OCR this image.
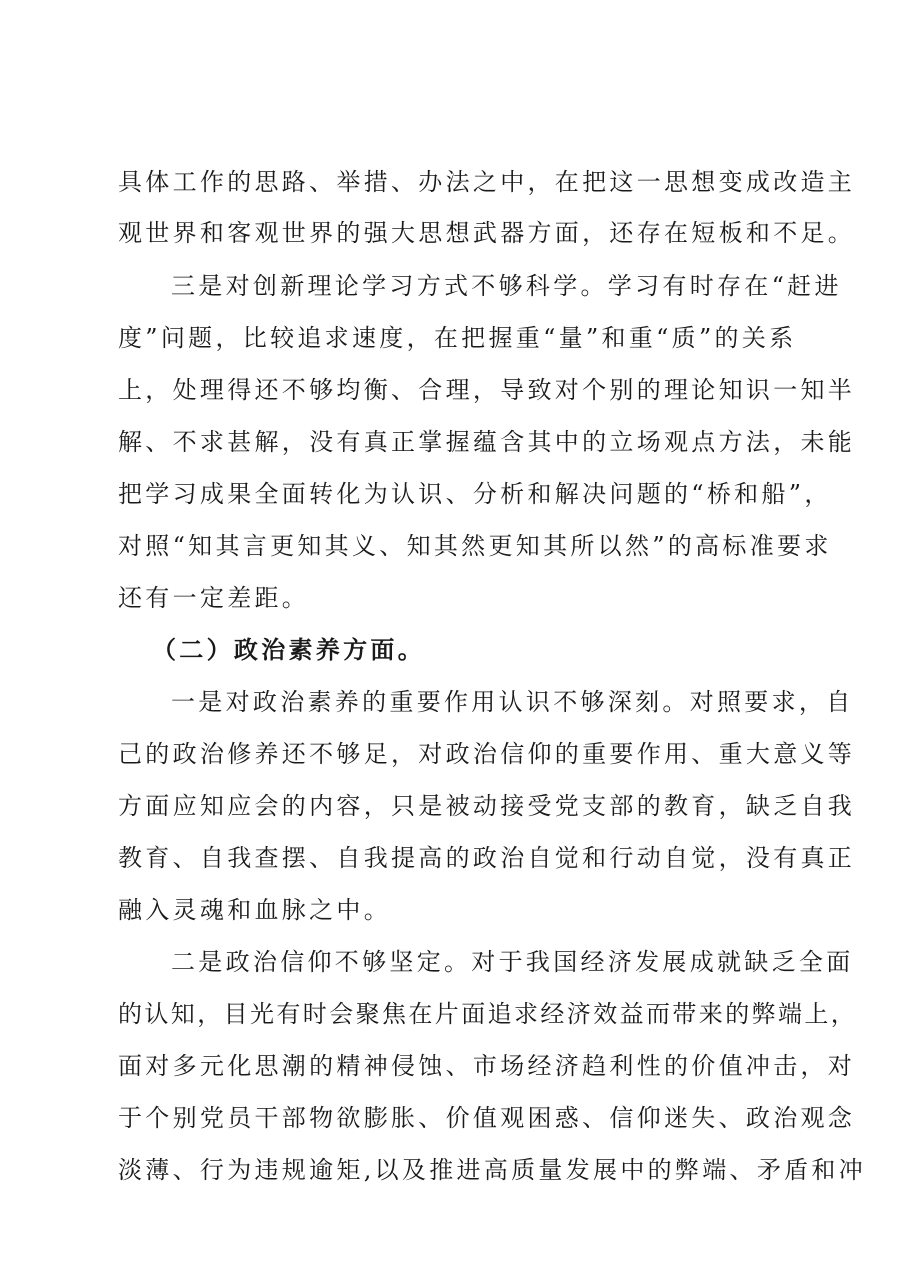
具体工作的思路、举措、办法之中，在把这一思想变成改造主

观世界和客观世界的强大思想武器方面，还存在短板和不足。

三是对创新理论学习方式不够科学。学习有时存在“赶进

度”问题，比较追求速度，在把握重“量”和重“质”的关系

上，处理得还不够均衡、合理，导致对个别的理论知识一知半

解、不求甚解，没有真正掌握蕴含其中的立场观点方法，未能

把学习成果全面转化为认识、分析和解决问题的“桥和船”，

对照“知其言更知其义、知其然更知其所以然”的高标准要求

还有一定差距。

（二）政治素养方面。

一是对政治素养的重要作用认识不够深刻。对照要求，自

己的政治修养还不够足，对政治信仰的重要作用、重大意义等

方面应知应会的内容，只是被动接受党支部的教育，缺乏自我

教育、自我查摆、自我提高的政治自觉和行动自觉，没有真正

融入灵魂和血脉之中。

二是政治信仰不够坚定。对于我国经济发展成就缺乏全面

的认知，目光有时会聚焦在片面追求经济效益而带来的弊端上，

面对多元化思潮的精神侵蚀、市场经济趋利性的价值冲击，对

于个别党员干部物欲膨胀、价值观困惑、信仰迷失、政治观念

淡薄、行为违规逾矩,以及推进高质量发展中的弊端、矛盾和冲
